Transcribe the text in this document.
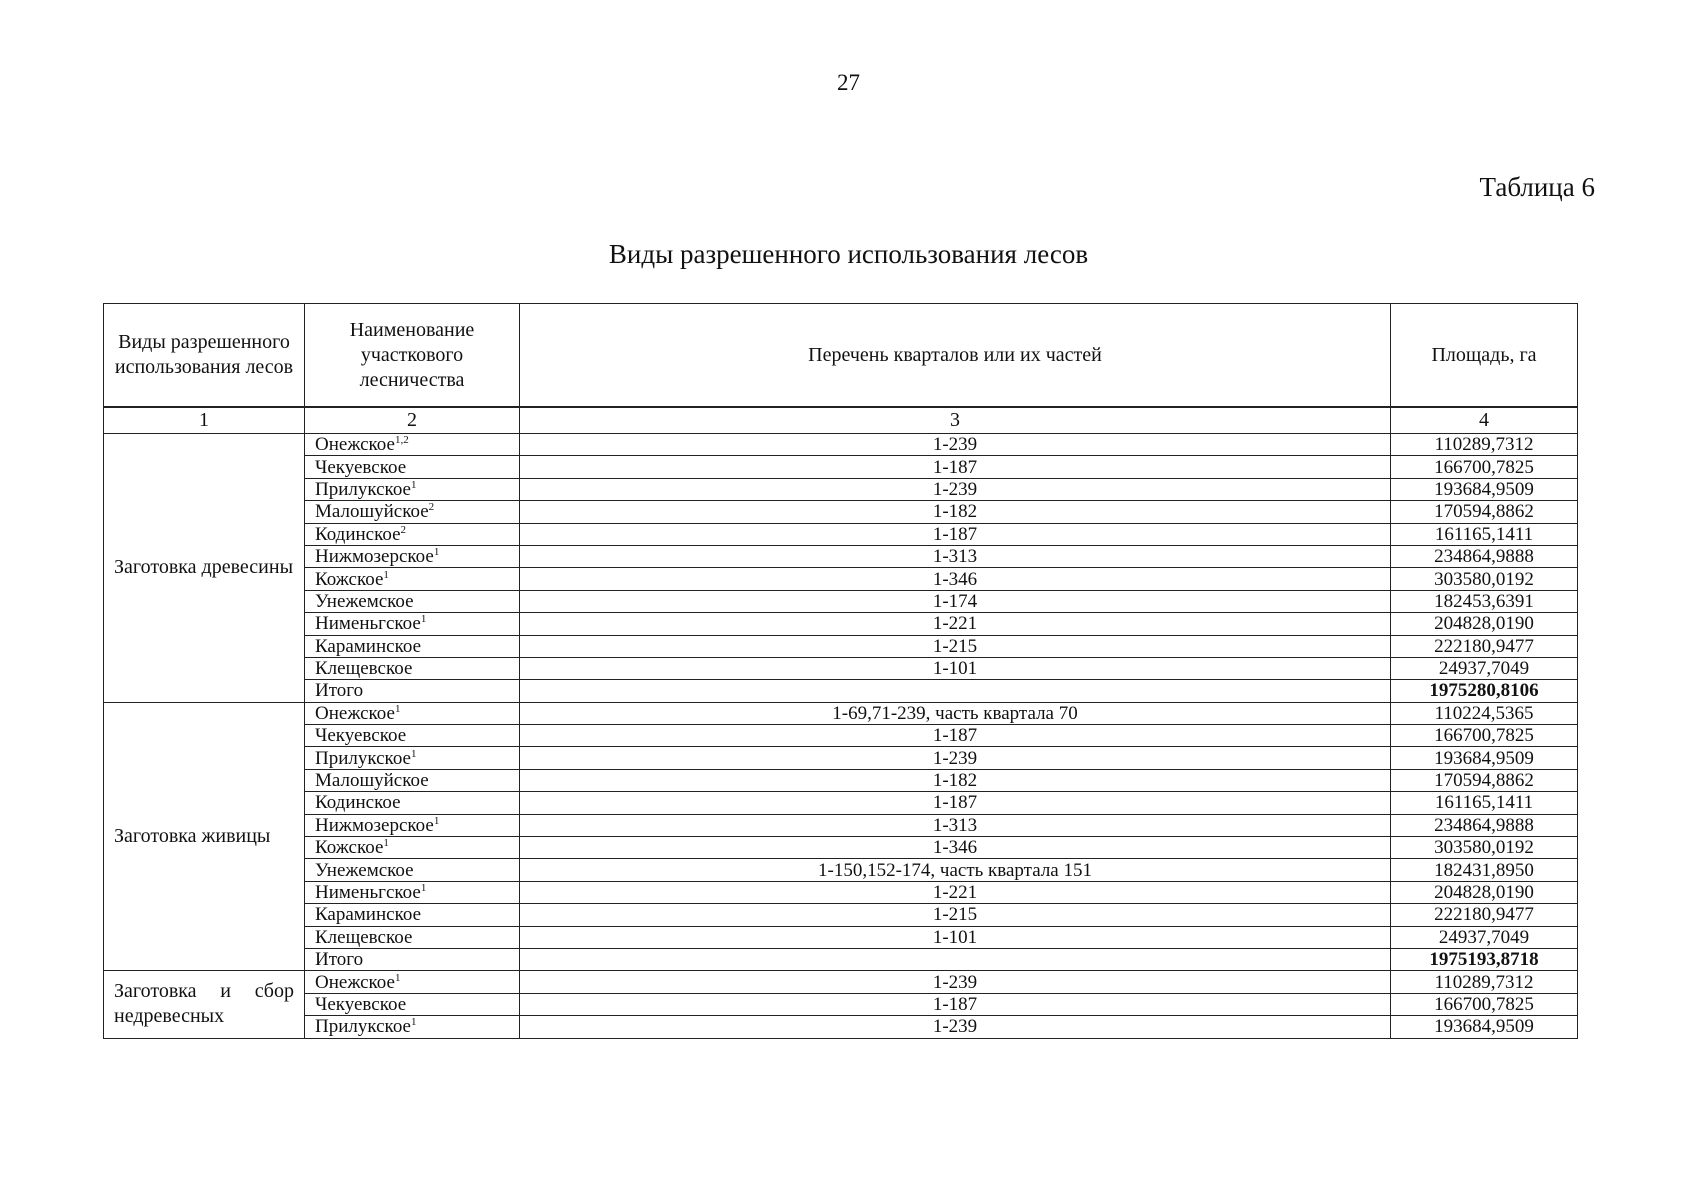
27
Таблица 6
Виды разрешенного использования лесов
Виды разрешенного использования лесов	Наименование участкового лесничества	Перечень кварталов или их частей	Площадь, га

1	2	3	4

Заготовка древесины	Онежское$^{1,2}$	1-239	110289,7312
	Чекуевское	1-187	166700,7825
	Прилукское$^1$	1-239	193684,9509
	Малошуйское$^2$	1-182	170594,8862
	Кодинское$^2$	1-187	161165,1411
	Нижмозерское$^1$	1-313	234864,9888
	Кожское$^1$	1-346	303580,0192
	Унежемское	1-174	182453,6391
	Нименьгское$^1$	1-221	204828,0190
	Караминское	1-215	222180,9477
	Клещевское	1-101	24937,7049
	Итого		1975280,8106

Заготовка живицы	Онежское$^1$	1-69,71-239, часть квартала 70	110224,5365
	Чекуевское	1-187	166700,7825
	Прилукское$^1$	1-239	193684,9509
	Малошуйское	1-182	170594,8862
	Кодинское	1-187	161165,1411
	Нижмозерское$^1$	1-313	234864,9888
	Кожское$^1$	1-346	303580,0192
	Унежемское	1-150,152-174, часть квартала 151	182431,8950
	Нименьгское$^1$	1-221	204828,0190
	Караминское	1-215	222180,9477
	Клещевское	1-101	24937,7049
	Итого		1975193,8718

Заготовка и сбор недревесных	Онежское$^1$	1-239	110289,7312
	Чекуевское	1-187	166700,7825
	Прилукское$^1$	1-239	193684,9509
